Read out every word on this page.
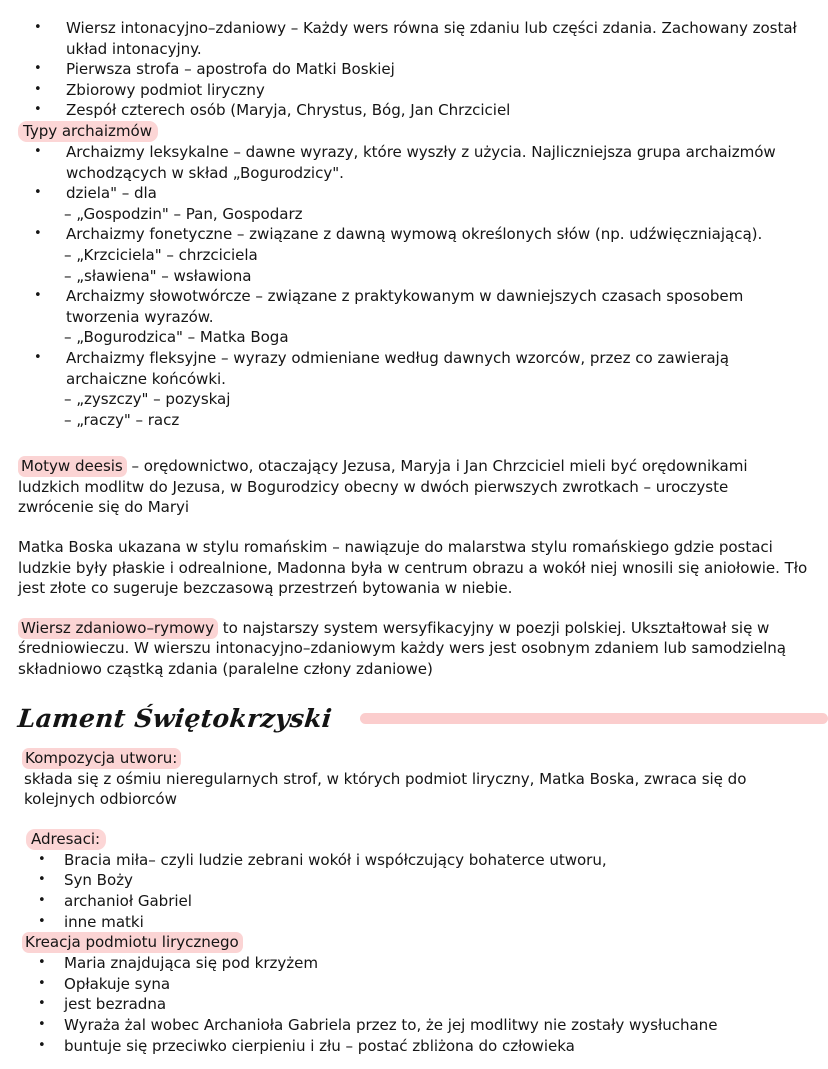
• Wiersz intonacyjno–zdaniowy – Każdy wers równa się zdaniu lub części zdania. Zachowany został układ intonacyjny.
• Pierwsza strofa – apostrofa do Matki Boskiej
• Zbiorowy podmiot liryczny
• Zespół czterech osób (Maryja, Chrystus, Bóg, Jan Chrzciciel

Typy archaizmów

• Archaizmy leksykalne – dawne wyrazy, które wyszły z użycia. Najliczniejsza grupa archaizmów wchodzących w skład „Bogurodzicy".
• dziela" – dla
– „Gospodzin" – Pan, Gospodarz
• Archaizmy fonetyczne – związane z dawną wymową określonych słów (np. udźwięczniającą).
– „Krzciciela" – chrzciciela
– „sławiena" – wsławiona
• Archaizmy słowotwórcze – związane z praktykowanym w dawniejszych czasach sposobem tworzenia wyrazów.
– „Bogurodzica" – Matka Boga
• Archaizmy fleksyjne – wyrazy odmieniane według dawnych wzorców, przez co zawierają archaiczne końcówki.
– „zyszczy" – pozyskaj
– „raczy" – racz

Motyw deesis – orędownictwo, otaczający Jezusa, Maryja i Jan Chrzciciel mieli być orędownikami ludzkich modlitw do Jezusa, w Bogurodzicy obecny w dwóch pierwszych zwrotkach – uroczyste zwrócenie się do Maryi

Matka Boska ukazana w stylu romańskim – nawiązuje do malarstwa stylu romańskiego gdzie postaci ludzkie były płaskie i odrealnione, Madonna była w centrum obrazu a wokół niej wnosili się aniołowie. Tło jest złote co sugeruje bezczasową przestrzeń bytowania w niebie.

Wiersz zdaniowo–rymowy to najstarszy system wersyfikacyjny w poezji polskiej. Ukształtował się w średniowieczu. W wierszu intonacyjno–zdaniowym każdy wers jest osobnym zdaniem lub samodzielną składniowo cząstką zdania (paralelne człony zdaniowe)

Lament Świętokrzyski

Kompozycja utworu:

składa się z ośmiu nieregularnych strof, w których podmiot liryczny, Matka Boska, zwraca się do kolejnych odbiorców

Adresaci:

• Bracia miła– czyli ludzie zebrani wokół i współczujący bohaterce utworu,
• Syn Boży
• archanioł Gabriel
• inne matki

Kreacja podmiotu lirycznego

• Maria znajdująca się pod krzyżem
• Opłakuje syna
• jest bezradna
• Wyraża żal wobec Archanioła Gabriela przez to, że jej modlitwy nie zostały wysłuchane
• buntuje się przeciwko cierpieniu i złu – postać zbliżona do człowieka
